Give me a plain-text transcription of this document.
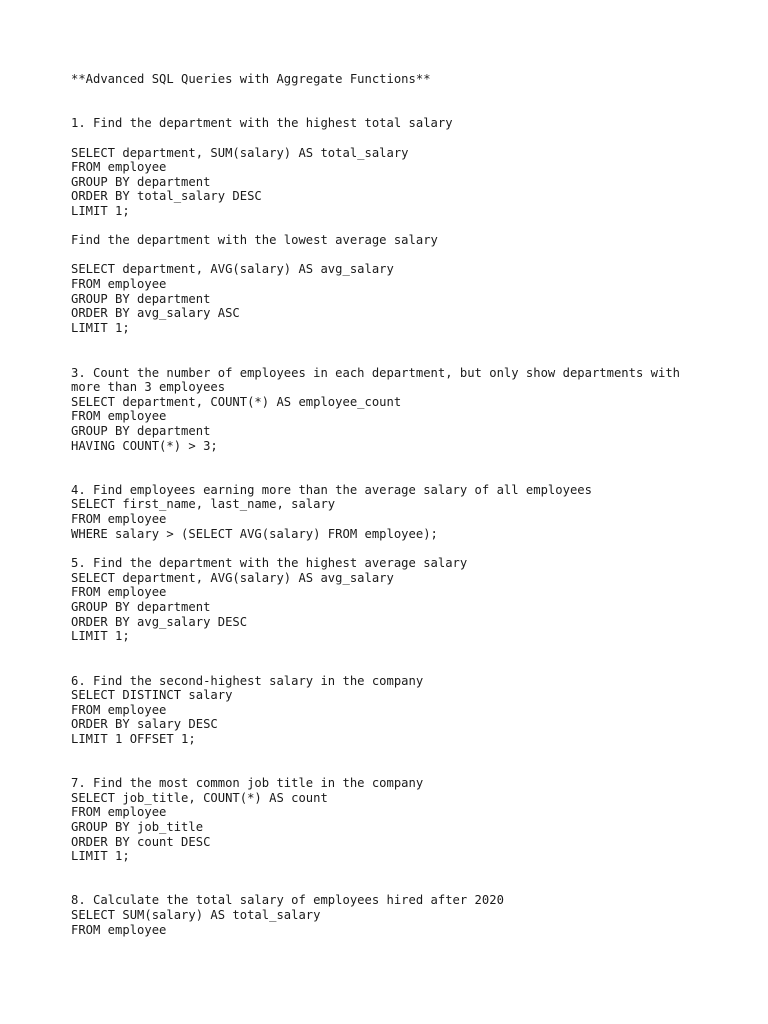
**Advanced SQL Queries with Aggregate Functions**

1. Find the department with the highest total salary

SELECT department, SUM(salary) AS total_salary

FROM employee

GROUP BY department

ORDER BY total_salary DESC

LIMIT 1;

Find the department with the lowest average salary

SELECT department, AVG(salary) AS avg_salary

FROM employee

GROUP BY department

ORDER BY avg_salary ASC

LIMIT 1;

3. Count the number of employees in each department, but only show departments with

more than 3 employees

SELECT department, COUNT(*) AS employee_count

FROM employee

GROUP BY department

HAVING COUNT(*) > 3;

4. Find employees earning more than the average salary of all employees

SELECT first_name, last_name, salary

FROM employee

WHERE salary > (SELECT AVG(salary) FROM employee);

5. Find the department with the highest average salary

SELECT department, AVG(salary) AS avg_salary

FROM employee

GROUP BY department

ORDER BY avg_salary DESC

LIMIT 1;

6. Find the second-highest salary in the company

SELECT DISTINCT salary

FROM employee

ORDER BY salary DESC

LIMIT 1 OFFSET 1;

7. Find the most common job title in the company

SELECT job_title, COUNT(*) AS count

FROM employee

GROUP BY job_title

ORDER BY count DESC

LIMIT 1;

8. Calculate the total salary of employees hired after 2020

SELECT SUM(salary) AS total_salary

FROM employee
